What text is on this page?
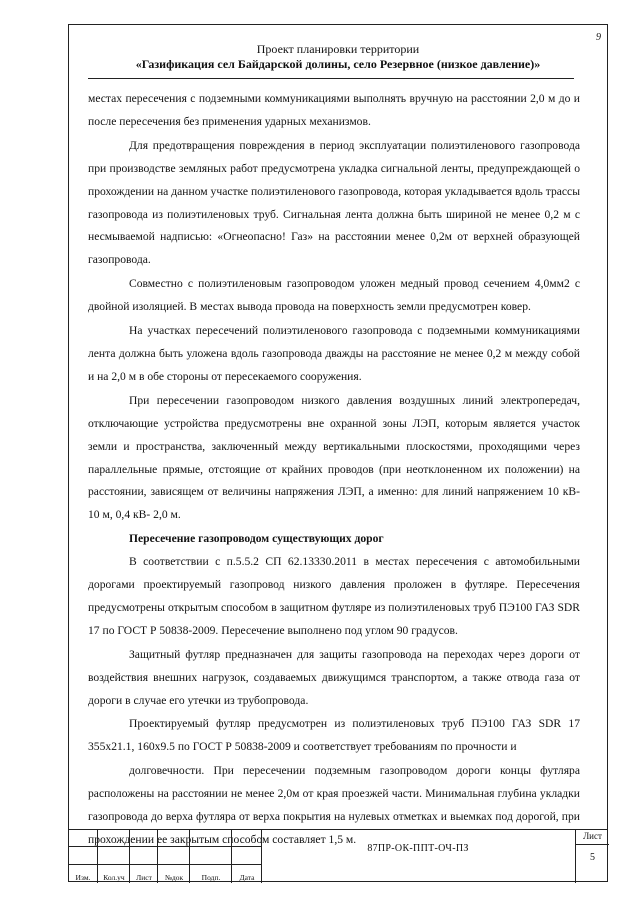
9
Проект планировки территории
«Газификация сел Байдарской долины, село Резервное (низкое давление)»

местах пересечения с подземными коммуникациями выполнять вручную на расстоянии 2,0 м до и после пересечения без применения ударных механизмов.

Для предотвращения повреждения в период эксплуатации полиэтиленового газопровода при производстве земляных работ предусмотрена укладка сигнальной ленты, предупреждающей о прохождении на данном участке полиэтиленового газопровода, которая укладывается вдоль трассы газопровода из полиэтиленовых труб. Сигнальная лента должна быть шириной не менее 0,2 м с несмываемой надписью: «Огнеопасно! Газ» на расстоянии менее 0,2м от верхней образующей газопровода.

Совместно с полиэтиленовым газопроводом уложен медный провод сечением 4,0мм2 с двойной изоляцией. В местах вывода провода на поверхность земли предусмотрен ковер.

На участках пересечений полиэтиленового газопровода с подземными коммуникациями лента должна быть уложена вдоль газопровода дважды на расстояние не менее 0,2 м между собой и на 2,0 м в обе стороны от пересекаемого сооружения.

При пересечении газопроводом низкого давления воздушных линий электропередач, отключающие устройства предусмотрены вне охранной зоны ЛЭП, которым является участок земли и пространства, заключенный между вертикальными плоскостями, проходящими через параллельные прямые, отстоящие от крайних проводов (при неотклоненном их положении) на расстоянии, зависящем от величины напряжения ЛЭП, а именно: для линий напряжением 10 кВ- 10 м, 0,4 кВ- 2,0 м.

Пересечение газопроводом существующих дорог

В соответствии с п.5.5.2 СП 62.13330.2011 в местах пересечения с автомобильными дорогами проектируемый газопровод низкого давления проложен в футляре. Пересечения предусмотрены открытым способом в защитном футляре из полиэтиленовых труб ПЭ100 ГАЗ SDR 17 по ГОСТ Р 50838-2009. Пересечение выполнено под углом 90 градусов.

Защитный футляр предназначен для защиты газопровода на переходах через дороги от воздействия внешних нагрузок, создаваемых движущимся транспортом, а также отвода газа от дороги в случае его утечки из трубопровода.

Проектируемый футляр предусмотрен из полиэтиленовых труб ПЭ100 ГАЗ SDR 17 355х21.1, 160х9.5 по ГОСТ Р 50838-2009 и соответствует требованиям по прочности и

долговечности. При пересечении подземным газопроводом дороги концы футляра расположены на расстоянии не менее 2,0м от края проезжей части. Минимальная глубина укладки газопровода до верха футляра от верха покрытия на нулевых отметках и выемках под дорогой, при прохождении ее закрытым способом составляет 1,5 м.

Изм.	Кол.уч	Лист	№док	Подп.	Дата
87ПР-ОК-ППТ-ОЧ-ПЗ
Лист
5
